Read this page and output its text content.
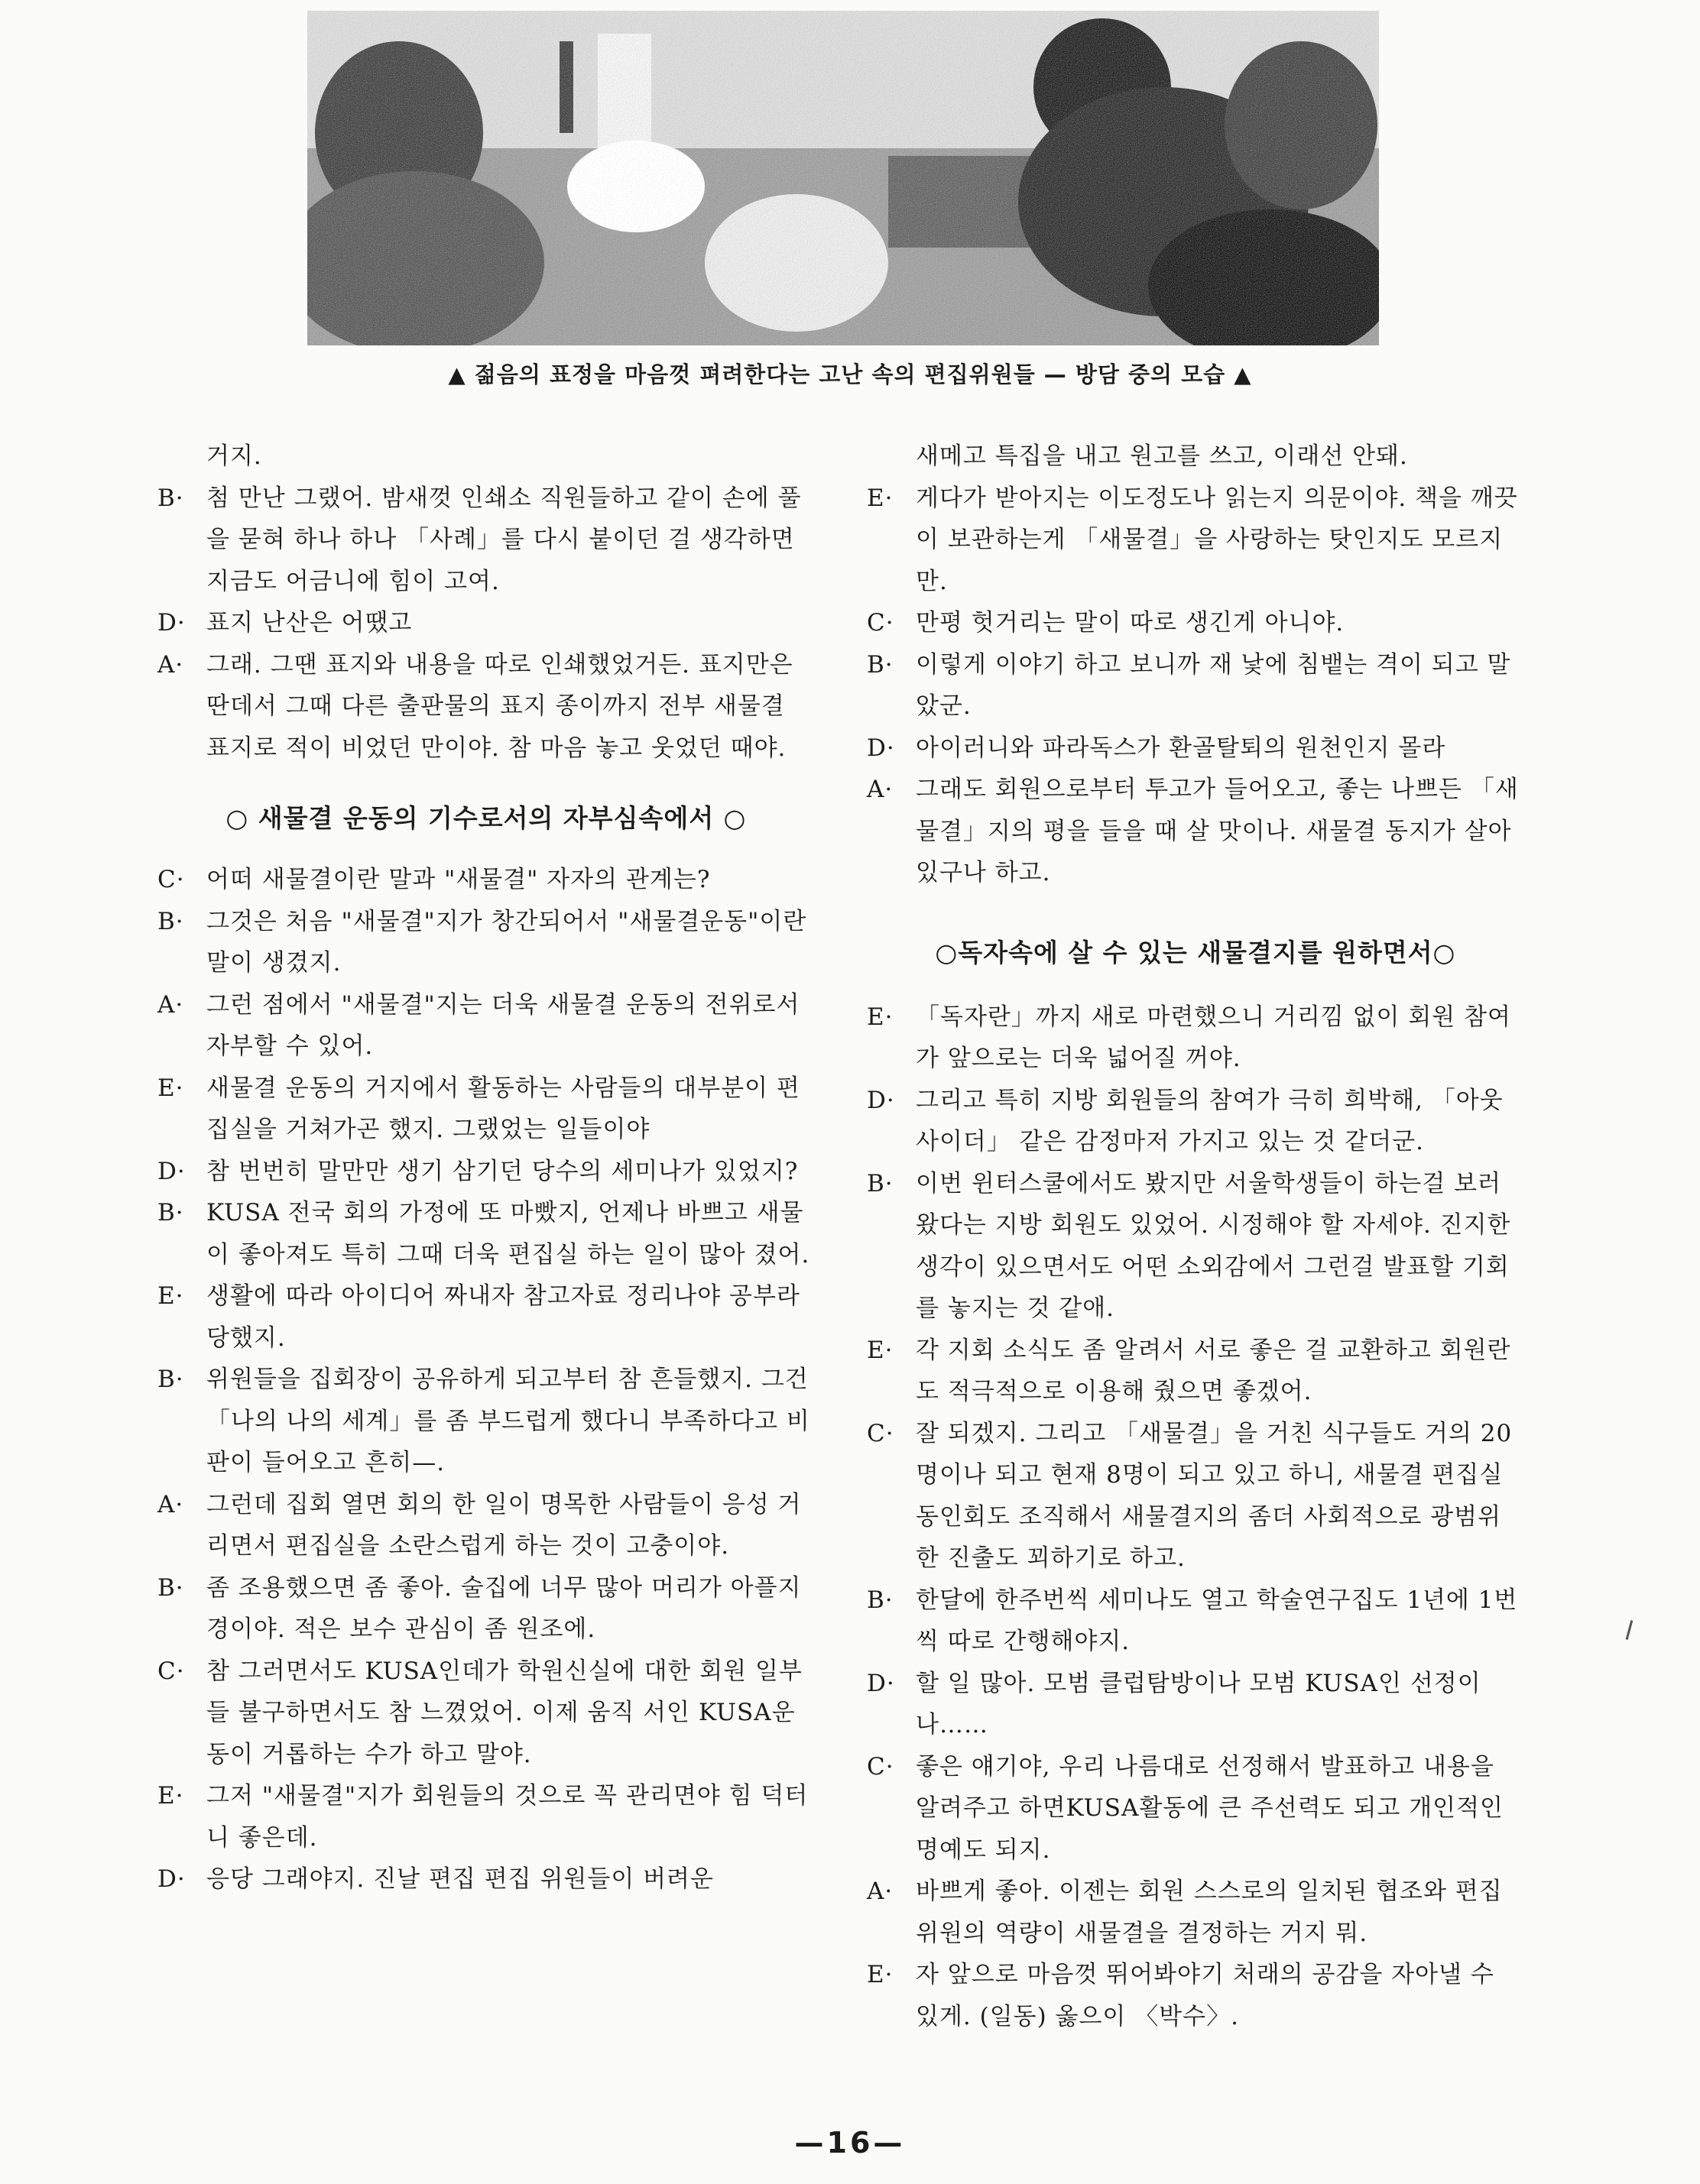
▲ 젊음의 표정을 마음껏 펴려한다는 고난 속의 편집위원들 — 방담 중의 모습 ▲
거지.
B· 첨 만난 그랬어. 밤새껏 인쇄소 직원들하고 같이 손에 풀을 묻혀 하나 하나 「사례」를 다시 붙이던 걸 생각하면 지금도 어금니에 힘이 고여.
D· 표지 난산은 어땠고
A· 그래. 그땐 표지와 내용을 따로 인쇄했었거든. 표지만은 딴데서 그때 다른 출판물의 표지 종이까지 전부 새물결 표지로 적이 비었던 만이야. 참 마음 놓고 웃었던 때야.
○ 새물결 운동의 기수로서의 자부심속에서 ○
C· 어떠 새물결이란 말과 "새물결" 자자의 관계는?
B· 그것은 처음 "새물결"지가 창간되어서 "새물결운동"이란 말이 생겼지.
A· 그런 점에서 "새물결"지는 더욱 새물결 운동의 전위로서 자부할 수 있어.
E· 새물결 운동의 거지에서 활동하는 사람들의 대부분이 편집실을 거쳐가곤 했지. 그랬었는 일들이야
D· 참 번번히 말만만 생기 삼기던 당수의 세미나가 있었지?
B· KUSA 전국 회의 가정에 또 마빴지, 언제나 바쁘고 새물이 좋아져도 특히 그때 더욱 편집실 하는 일이 많아 졌어.
E· 생활에 따라 아이디어 짜내자 참고자료 정리나야 공부라당했지.
B· 위원들을 집회장이 공유하게 되고부터 참 흔들했지. 그건 「나의 나의 세계」를 좀 부드럽게 했다니 부족하다고 비판이 들어오고 흔히—.
A· 그런데 집회 열면 회의 한 일이 명목한 사람들이 응성 거리면서 편집실을 소란스럽게 하는 것이 고충이야.
B· 좀 조용했으면 좀 좋아. 술집에 너무 많아 머리가 아플지경이야. 적은 보수 관심이 좀 원조에.
C· 참 그러면서도 KUSA인데가 학원신실에 대한 회원 일부들 불구하면서도 참 느꼈었어. 이제 움직 서인 KUSA운동이 거롭하는 수가 하고 말야.
E· 그저 "새물결"지가 회원들의 것으로 꼭 관리면야 힘 덕터니 좋은데.
D· 응당 그래야지. 진날 편집 편집 위원들이 버려운
새메고 특집을 내고 원고를 쓰고, 이래선 안돼.
E· 게다가 받아지는 이도정도나 읽는지 의문이야. 책을 깨끗이 보관하는게 「새물결」을 사랑하는 탓인지도 모르지만.
C· 만평 헛거리는 말이 따로 생긴게 아니야.
B· 이렇게 이야기 하고 보니까 재 낯에 침뱉는 격이 되고 말았군.
D· 아이러니와 파라독스가 환골탈퇴의 원천인지 몰라
A· 그래도 회원으로부터 투고가 들어오고, 좋는 나쁘든 「새물결」지의 평을 들을 때 살 맛이나. 새물결 동지가 살아 있구나 하고.
○독자속에 살 수 있는 새물결지를 원하면서○
E· 「독자란」까지 새로 마련했으니 거리낌 없이 회원 참여가 앞으로는 더욱 넓어질 꺼야.
D· 그리고 특히 지방 회원들의 참여가 극히 희박해, 「아웃사이더」 같은 감정마저 가지고 있는 것 같더군.
B· 이번 윈터스쿨에서도 봤지만 서울학생들이 하는걸 보러왔다는 지방 회원도 있었어. 시정해야 할 자세야. 진지한 생각이 있으면서도 어떤 소외감에서 그런걸 발표할 기회를 놓지는 것 같애.
E· 각 지회 소식도 좀 알려서 서로 좋은 걸 교환하고 회원란도 적극적으로 이용해 줬으면 좋겠어.
C· 잘 되겠지. 그리고 「새물결」을 거친 식구들도 거의 20명이나 되고 현재 8명이 되고 있고 하니, 새물결 편집실 동인회도 조직해서 새물결지의 좀더 사회적으로 광범위한 진출도 꾀하기로 하고.
B· 한달에 한주번씩 세미나도 열고 학술연구집도 1년에 1번씩 따로 간행해야지.
D· 할 일 많아. 모범 클럽탐방이나 모범 KUSA인 선정이나……
C· 좋은 얘기야, 우리 나름대로 선정해서 발표하고 내용을 알려주고 하면KUSA활동에 큰 주선력도 되고 개인적인 명예도 되지.
A· 바쁘게 좋아. 이젠는 회원 스스로의 일치된 협조와 편집위원의 역량이 새물결을 결정하는 거지 뭐.
E· 자 앞으로 마음껏 뛰어봐야기 처래의 공감을 자아낼 수 있게. (일동) 옳으이 〈박수〉.
—16—
